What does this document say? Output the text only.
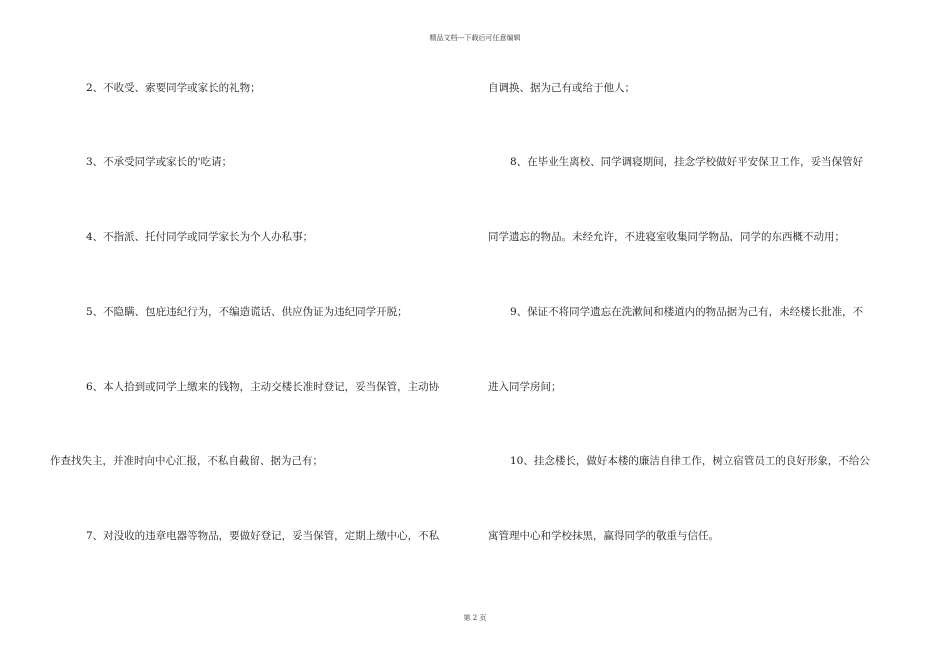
精品文档---下载后可任意编辑
2、不收受、索要同学或家长的礼物；
3、不承受同学或家长的'吃请；
4、不指派、托付同学或同学家长为个人办私事；
5、不隐瞒、包庇违纪行为，不编造谎话、供应伪证为违纪同学开脱；
6、本人拾到或同学上缴来的钱物，主动交楼长准时登记，妥当保管，主动协
作查找失主，并准时向中心汇报，不私自截留、据为己有；
7、对没收的违章电器等物品，要做好登记，妥当保管，定期上缴中心，不私
自调换、据为己有或给于他人；
8、在毕业生离校、同学调寝期间，挂念学校做好平安保卫工作，妥当保管好
同学遗忘的物品。未经允许，不进寝室收集同学物品，同学的东西概不动用；
9、保证不将同学遗忘在洗漱间和楼道内的物品据为己有，未经楼长批准，不
进入同学房间；
10、挂念楼长，做好本楼的廉洁自律工作，树立宿管员工的良好形象，不给公
寓管理中心和学校抹黑，赢得同学的敬重与信任。
第 2 页
